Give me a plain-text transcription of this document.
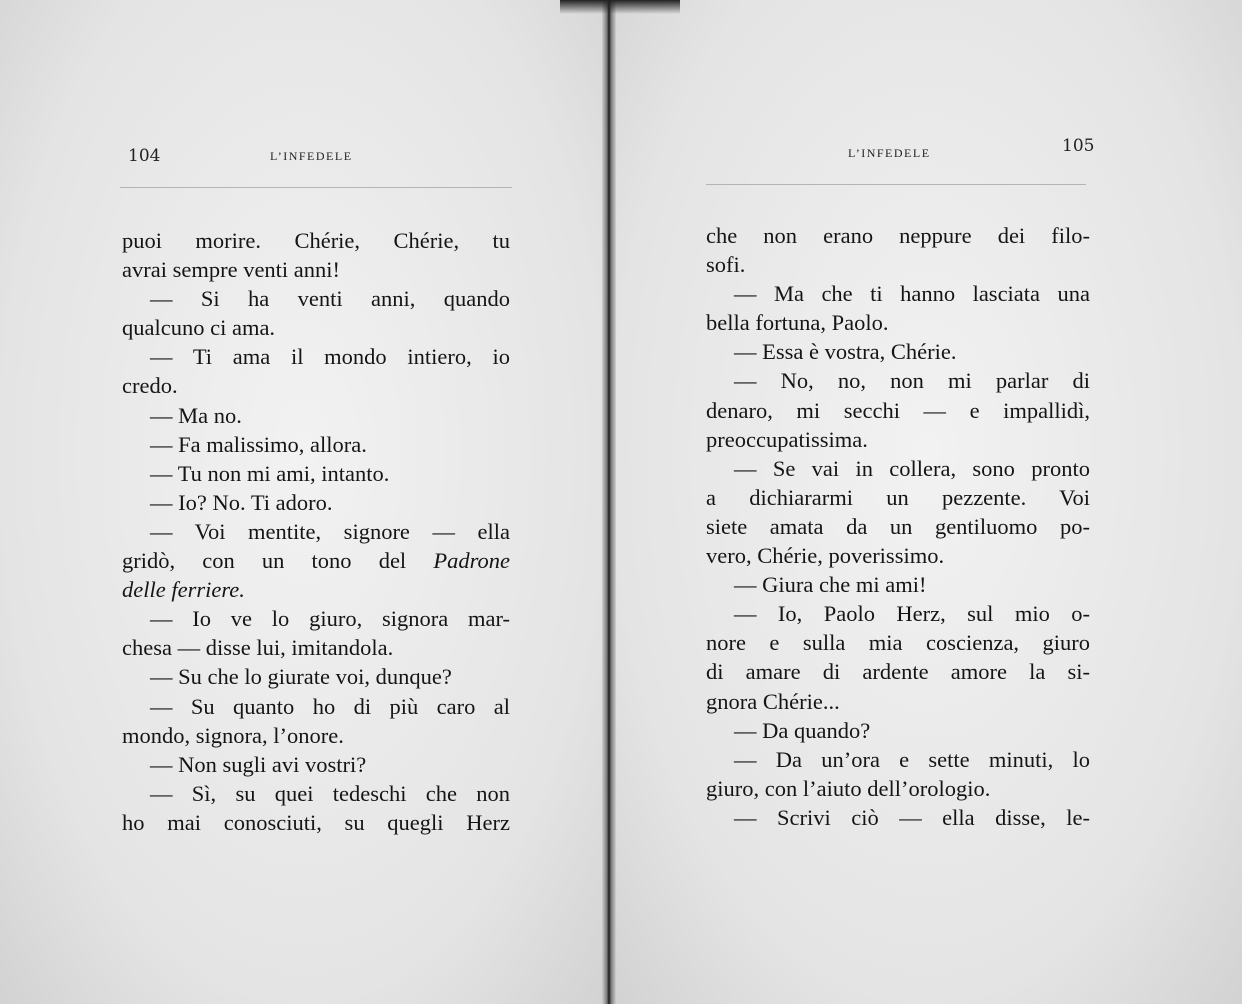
104	L’INFEDELE
puoi morire. Chérie, Chérie, tu
avrai sempre venti anni!
— Si ha venti anni, quando
qualcuno ci ama.
— Ti ama il mondo intiero, io
credo.
— Ma no.
— Fa malissimo, allora.
— Tu non mi ami, intanto.
— Io? No. Ti adoro.
— Voi mentite, signore — ella
gridò, con un tono del Padrone
delle ferriere.
— Io ve lo giuro, signora mar-
chesa — disse lui, imitandola.
— Su che lo giurate voi, dunque?
— Su quanto ho di più caro al
mondo, signora, l’onore.
— Non sugli avi vostri?
— Sì, su quei tedeschi che non
ho mai conosciuti, su quegli Herz
105
L’INFEDELE
che non erano neppure dei filo-
sofi.
— Ma che ti hanno lasciata una
bella fortuna, Paolo.
— Essa è vostra, Chérie.
— No, no, non mi parlar di
denaro, mi secchi — e impallidì,
preoccupatissima.
— Se vai in collera, sono pronto
a dichiararmi un pezzente. Voi
siete amata da un gentiluomo po-
vero, Chérie, poverissimo.
— Giura che mi ami!
— Io, Paolo Herz, sul mio o-
nore e sulla mia coscienza, giuro
di amare di ardente amore la si-
gnora Chérie...
— Da quando?
— Da un’ora e sette minuti, lo
giuro, con l’aiuto dell’orologio.
— Scrivi ciò — ella disse, le-
